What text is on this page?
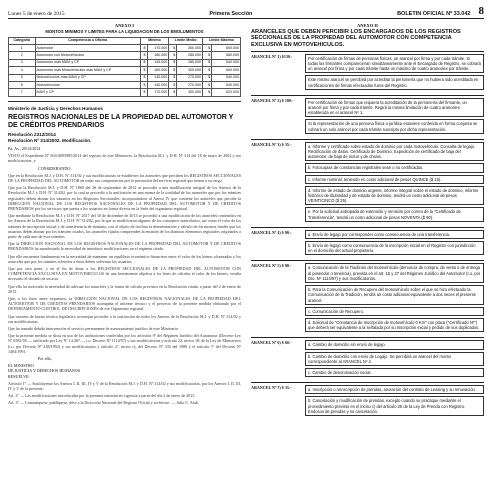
Lunes 5 de enero de 2015	Primera Sección	BOLETIN OFICIAL Nº 33.042 8
ANEXO I
MONTOS MINIMOS Y LIMITES PARA LA LIQUIDACION DE LOS EMOLUMENTOS
Categoría	Competencia u Oficina	Mínimo		Límite Medio		Límite Máximo	
1	Automotor	$	170.000	$	300.000	$	600.000
2	Automotor con Motovehículos	$	160.000	$	285.000	$	580.000
3	Automotor más MAVI y CP	$	145.000	$	285.000	$	540.000
4	Automotor más Motovehículos más MAVI y CP	$	160.000	$	300.000	$	600.000
5	Motovehículos más MAVI y CP	$	140.000	$	270.000	$	540.000
6	Motovehículos	$	140.000	$	270.000	$	540.000
7	MAVI y CP	$	170.000	$	300.000	$	620.000
Ministerio de Justicia y Derechos Humanos
REGISTROS NACIONALES DE LA PROPIEDAD DEL AUTOMOTOR Y DE CRÉDITOS PRENDARIOS
Resolución 2312/2014
Resolución Nº 314/2002. Modificación.

Bs. As., 29/12/2014

VISTO el Expediente Nº S04:0083985/2014 del registro de este Ministerio, la Resolución M.J. y D.H. Nº 314 del 18 de mayo de 2002 y sus modificatorias, y

CONSIDERANDO:

Que en la Resolución M.J. y D.H. Nº 314/02 y sus modificatorias se establecen los aranceles que perciben los REGISTROS SECCIONALES DE LA PROPIEDAD DEL AUTOMOTOR en todas sus competencias por la prestación del servicio registral que tienen a su cargo.

Que por la Resolución M.J. y D.H. Nº 1860 del 26 de septiembre de 2012 se procedió a una modificación integral de los Anexos de la Resolución M.J. y D.H. Nº 314/02, por la cual se procedió a la unificación en una norma de la totalidad de los aranceles que por los trámites registrales deben abonar los usuarios en los Registros Seccionales, incorporándose al Anexo IV que contiene los aranceles que percibe la DIRECCION NACIONAL DE LOS REGISTROS NACIONALES DE LA PROPIEDAD DEL AUTOMOTOR Y DE CREDITOS PRENDARIOS por los servicios que presta a los usuarios en forma directa en la Sede del organismo registral.

Que mediante la Resolución M.J. y D.H. Nº 2617 del 30 de diciembre de 2013 se procedió a una modificación de los aranceles contenidos en los Anexos de la Resolución M.J. y D.H. Nº 314/02, por la que se modificaron algunos de los conceptos arancelarios, así como el valor de los trámites de inscripción inicial y de transferencia de dominio, con el objeto de facilitar la determinación y cálculo de los montos finales que los usuarios deben abonar por los trámites citados, los aranceles fijados comprenden la emisión de los distintos elementos registrales originados a partir de cada uno de esos trámites.

Que la DIRECCION NACIONAL DE LOS REGISTROS NACIONALES DE LA PROPIEDAD DEL AUTOMOTOR Y DE CREDITOS PRENDARIOS ha manifestado la necesidad de introducir modificaciones en el régimen citado.

Que ello encuentra fundamento en la necesidad de mantener un equilibrio económico-financiero entre el valor de los bienes alcanzados y los aranceles que por los trámites referidos a éstos deben solventar los usuarios.

Que por otra parte, y en el fin de dotar a los REGISTROS SECCIONALES DE LA PROPIEDAD DEL AUTOMOTOR CON COMPETENCIA EXCLUSIVA EN MOTOVEHICULOS de una herramienta objetiva a los fines de calcular el valor de los bienes, resulta necesario el dictado de un acto.

Que ello ha motivado la necesidad de adecuar los aranceles y la forma de cálculo previstos en la Resolución citada, a partir del 2 de enero de 2015.

Que, a los fines antes expuestos, la DIRECCION NACIONAL DE LOS REGISTROS NACIONALES DE LA PROPIEDAD DEL AUTOMOTOR Y DE CREDITOS PRENDARIOS acompaña el informe técnico y el proyecto de la presente medida elaborado por el DEPARTAMENTO CONTROL DE INSCRIPCIONES de ese Organismo registral.

Que razones de buena técnica legislativa aconsejan proceder a la sustitución de todos los Anexos de la Resolución M.J. y D.H. Nº 314/02 y sus modificatorias.

Que ha tomado debida intervención el servicio permanente de asesoramiento jurídico de este Ministerio.

Que la presente medida se dicta en uso de las atribuciones conferidas por los artículos 9º del Régimen Jurídico del Automotor (Decreto-Ley Nº 6582/58 — ratificado por Ley Nº 14.467—, t.o. Decreto Nº 1114/97) y sus modificatorias y artículo 22, inciso 18, de la Ley de Ministerios (t.o. por Decreto Nº 438/1992) y sus modificatorias y artículo 2º, inciso c), del Decreto Nº 335 del 1988 y el artículo 1º del Decreto Nº 1404/1991.

Por ello,

EL MINISTRO

DE JUSTICIA Y DERECHOS HUMANOS

RESUELVE:

Artículo 1º — Sustitúyense los Anexos I, II, III, IV y V de la Resolución M.J. y D.H. Nº 314/02 y sus modificatorias, por los Anexos I, II, III, IV y V de la presente.

Art. 2º — Las modificaciones introducidas por la presente entrarán en vigencia a partir del día 2 de enero de 2015.

Art. 3º — Comuníquese, publíquese, dése a la Dirección Nacional del Registro Oficial y archívese. — Julio C. Alak.

ANEXO II
ARANCELES QUE DEBEN PERCIBIR LOS ENCARGADOS DE LOS REGISTROS SECCIONALES DE LA PROPIEDAD DEL AUTOMOTOR CON COMPETENCIA EXCLUSIVA EN MOTOVEHICULOS.
ARANCEL Nº 1) $130.-	Por certificación de firmas de personas físicas, un arancel por firma y por cada trámite. Si todas las firmantes comparecieran simultáneamente ante el Encargado de Registro, se cobrará un arancel por firma y por cada trámite hasta un máximo de cuatro aranceles por trámite.
Este mismo arancel se percibirá por acreditar la personería que no hubiera sido acreditada en certificaciones de firmas efectuadas fuera del Registro.
ARANCEL Nº 2) $ 180.-	Por certificación de firmas que requiera la acreditación de la personería del firmante, un arancel por firma y por cada trámite. Regirá la misma limitación de cuatro aranceles establecida en el arancel Nº 1.
Si la representación de una persona física o jurídica estuviere conferida en forma conjunta se cobrará un solo arancel por cada trámite suscripto por dicha representación.
ARANCEL Nº 3) $ 35.-	a. Informe y certificado sobre estado de dominio por cada motovehículo. Consulta de legajo. Rectificación de datos. Certificado de Dominio. Expedición de certificado de baja del automotor, de baja de motor y de chasis.
b. Fotocopias de constancias registrales sean o no certificadas.
c. Informe nominal, teniendo en costo adicional de pesos QUINCE ($ 15).
d. Informe de estado de dominio urgente, informe integral sobre el estado de dominio, informe histórico de titularidad y de estado de dominio, tendrá un costo adicional de pesos VEINTICINCO ($ 25).
e. Por la solicitud anticipada de extensión y remisión por correo de la "Certificado de Transferencia", tendrá un costo adicional de pesos NOVENTA ($ 90).
ARANCEL Nº 4) $ 90.-	a. Envío de legajo por corresponder como consecuencia de una transferencia.
b. Envío de legajo como consecuencia de la inscripción inicial en el Registro con jurisdicción en el domicilio del actual propietario.
ARANCEL Nº 5) $ 90.-	a. Comunicación de la Tradición del motovehículo (denuncia de compra, de venta o de entrega al poseedor o tenencia), prevista en el art. 15 y 27 del Régimen Jurídico del Automotor (t.o. por Dto. Nº 1114/97) y sus modificatorias.
b. Para la Comunicación de Recupero del motovehículo sobre el que se hizo efectuado la Comunicación de la Tradición, tendrá un costo adicional equivalente a dos veces el presente arancel.
c. Comunicación de Recupero.
d. Solicitud de "Constancia de Inscripción de motovehículo 0 Km" con placa ("Certificado Nº") que deberá ser equivalente a la señalada por su Inscripción inicial y pedido de sus duplicados.
ARANCEL Nº 6) $ 60.-	a. Cambio de domicilio sin envío de legajo.
b. Cambio de domicilio con envío de Legajo. Se percibirá un arancel del monto correspondiente al ARANCEL Nº 4.
c. Cambio de denominación social.
ARANCEL Nº 7) $ 35.-	a. Inscripción o reinscripción de prendas, anotación del contrato de Leasing y su renovación.
b. Cancelación y modificación de prendas, excepto cuando se practique mediante el procedimiento previsto en el inciso c) del artículo 25 de la Ley de Prenda con Registro. Endosos de prendas y su cancelación.
